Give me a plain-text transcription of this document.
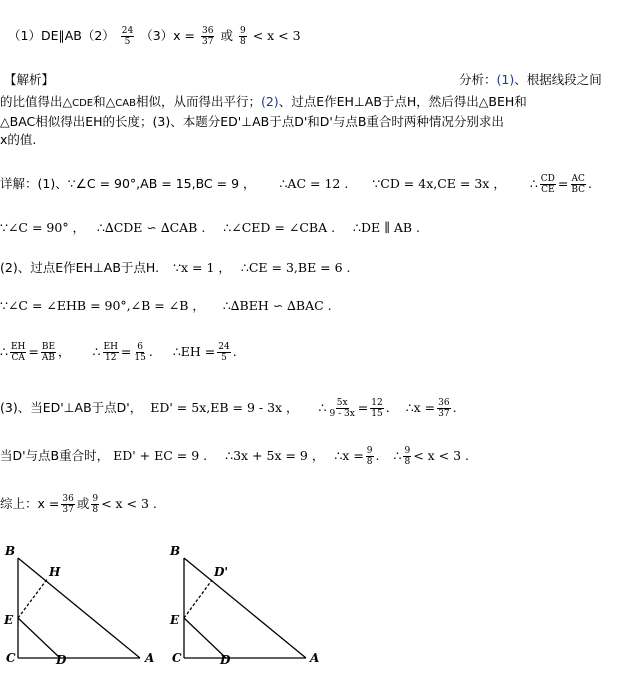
（1）DE∥AB（2） $\frac{24}{5} (3)x = \frac{36}{37}$ 或 $\frac{9}{8} < x < 3$
【解析】	分析：(1)、根据线段之间
的比值得出△CDE和△CAB相似，从而得出平行；(2)、过点E作EH⊥AB于点H，然后得出△BEH和
△BAC相似得出EH的长度；(3)、本题分ED'⊥AB于点D'和D'与点B重合时两种情况分别求出
x的值.
详解：(1)、∵∠C = 90°,AB = 15,BC = 9 ， ∴AC = 12 . ∵CD = 4x,CE = 3x ， ∴ $\frac{CD}{CE} = \frac{AC}{BC}$ .
∵∠C = 90° ， ∴∆CDE ∽ ∆CAB . ∴∠CED = ∠CBA . ∴DE ∥ AB .
(2)、过点E作EH⊥AB于点H. ∵x = 1 ， ∴CE = 3,BE = 6 .
∵∠C = ∠EHB = 90°,∠B = ∠B ， ∴∆BEH ∽ ∆BAC .
∴ $\frac{EH}{CA} = \frac{BE}{AB}$ ， ∴ $\frac{EH}{12} = \frac{6}{15}$ . ∴EH = $\frac{24}{5}$ .
(3)、当ED'⊥AB于点D'， ED' = 5x,EB = 9 - 3x ， ∴ $\frac{5x}{9 - 3x} = \frac{12}{15}$ . ∴x = $\frac{36}{37}$ .
当D'与点B重合时， ED' + EC = 9 . ∴3x + 5x = 9 ， ∴x = $\frac{9}{8}$ . ∴ $\frac{9}{8} < x < 3$ .
综上：$x = \frac{36}{37}$ 或 $\frac{9}{8} < x < 3$ .
B
H
E
C	D	A
B
D'
E
C	D	A
